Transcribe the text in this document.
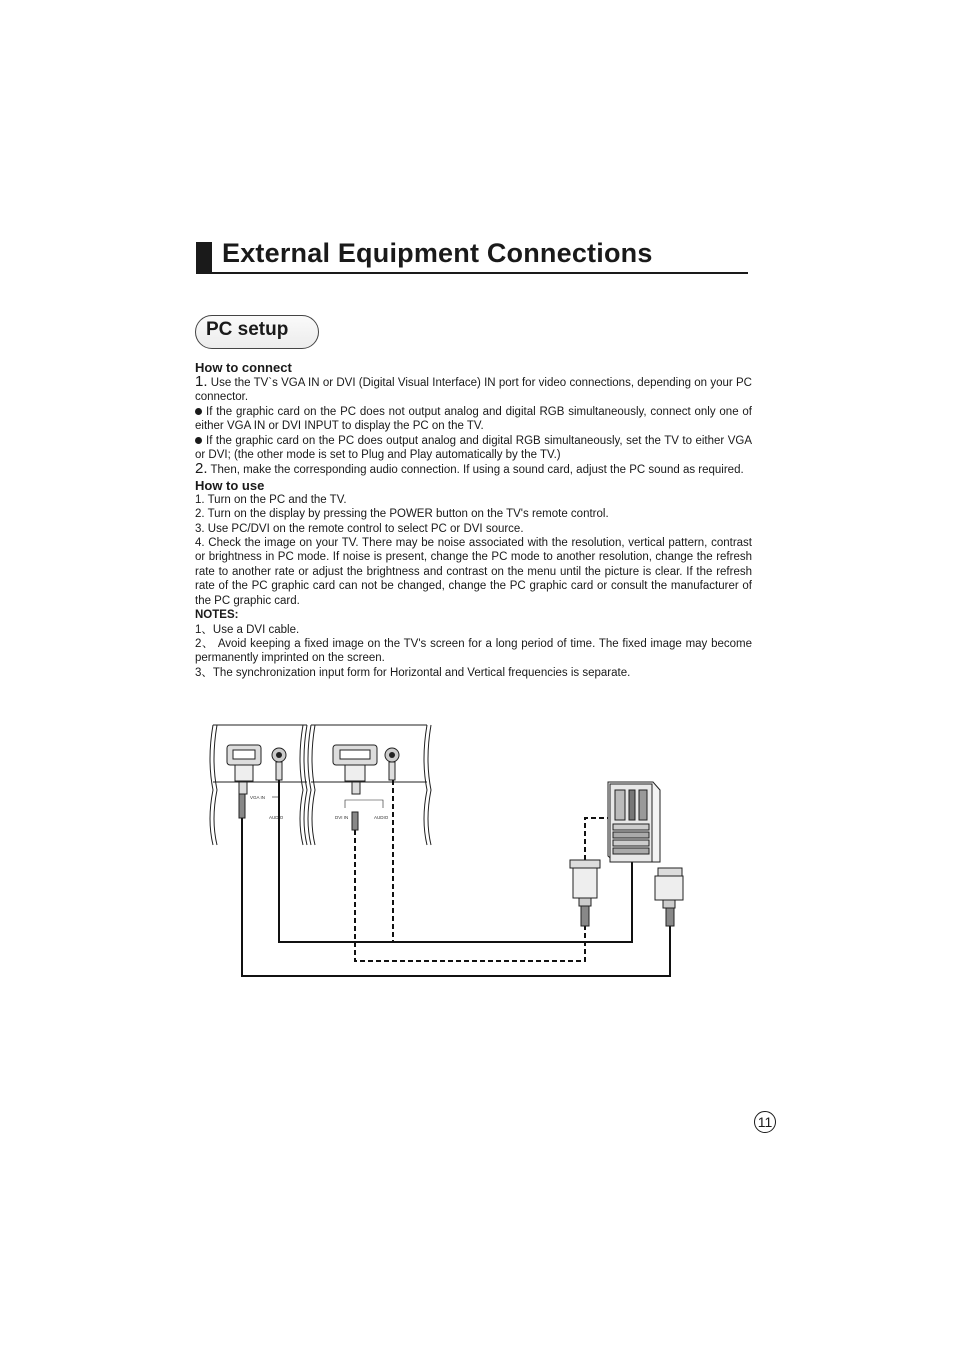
External Equipment Connections
PC setup

How to connect

1. Use the TV`s VGA IN or DVI (Digital Visual Interface) IN port for video connections, depending on your PC connector.

If the graphic card on the PC does not output analog and digital RGB simultaneously, connect only one of either VGA IN or DVI INPUT to display the PC on the TV.

If the graphic card on the PC does output analog and digital RGB simultaneously, set the TV to either VGA or DVI; (the other mode is set to Plug and Play automatically by the TV.)

2. Then, make the corresponding audio connection. If using a sound card, adjust the PC sound as required.

How to use

1. Turn on the PC and the TV.

2. Turn on the display by pressing the POWER button on the TV's remote control.

3. Use PC/DVI on the remote control to select PC or DVI source.

4. Check the image on your TV. There may be noise associated with the resolution, vertical pattern, contrast or brightness in PC mode. If noise is present, change the PC mode to another resolution, change the refresh rate to another rate or adjust the brightness and contrast on the menu until the picture is clear. If the refresh rate of the PC graphic card can not be changed, change the PC graphic card or consult the manufacturer of the PC graphic card.

NOTES:

1、Use a DVI cable.

2、 Avoid keeping a fixed image on the TV's screen for a long period of time. The fixed image may become permanently imprinted on the screen.

3、The synchronization input form for Horizontal and Vertical frequencies is separate.

VGA IN
AUDIO	DVI IN	AUDIO
11
